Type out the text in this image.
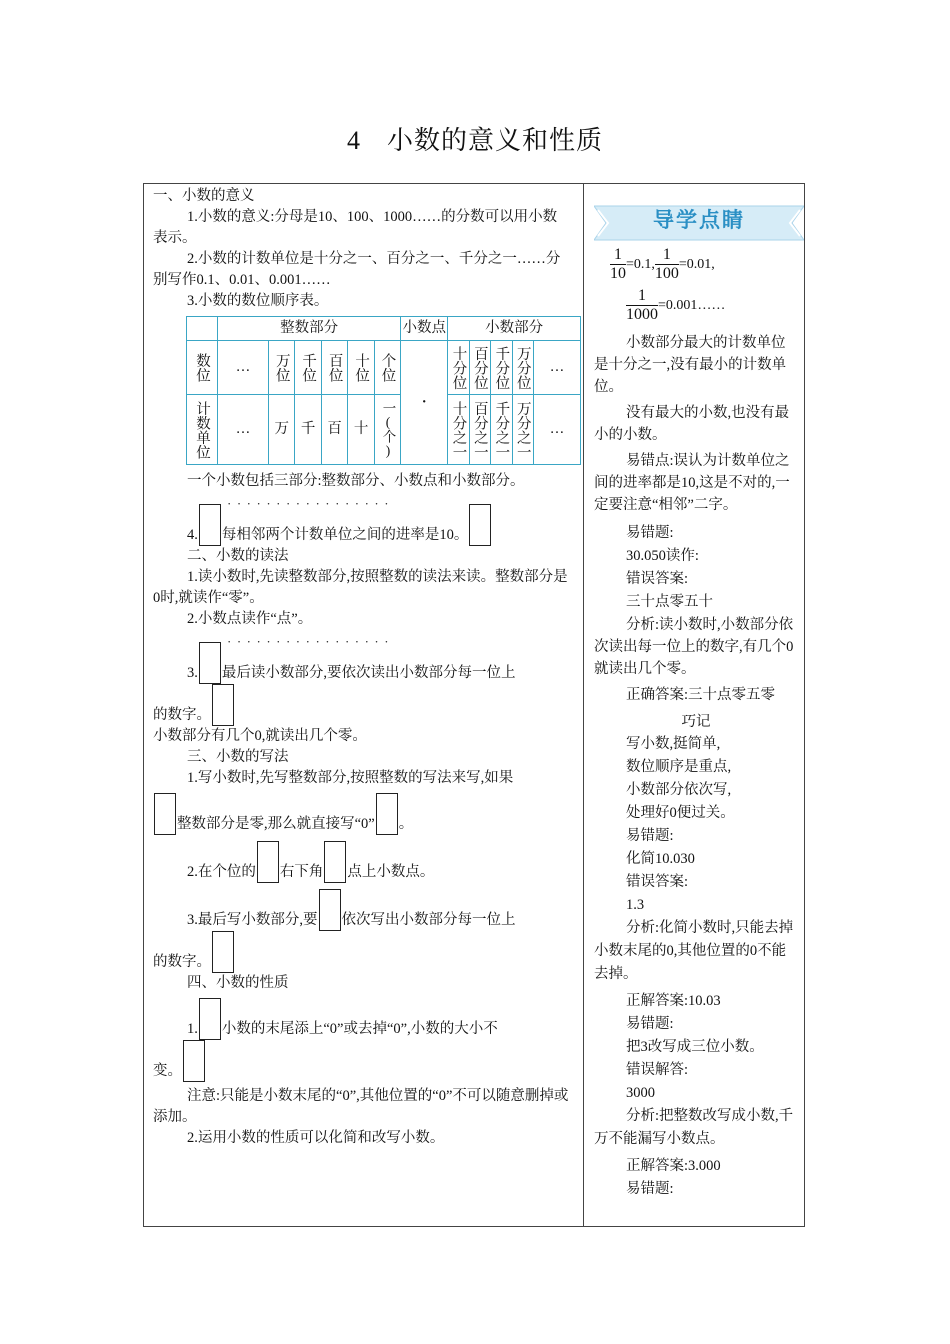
4 小数的意义和性质

一、小数的意义

1.小数的意义:分母是10、100、1000……的分数可以用小数表示。

2.小数的计数单位是十分之一、百分之一、千分之一……分别写作0.1、0.01、0.001……

3.小数的数位顺序表。

	整数部分						小数点	小数部分				

数位	…	万位	千位	百位	十位	个位	·	十分位	百分位	千分位	万分位	…

计数单位	…	万	千	百	十	一(个)		十分之一	百分之一	千分之一	万分之一	…

一个小数包括三部分:整数部分、小数点和小数部分。

·················

4. 每相邻两个计数单位之间的进率是10。

二、小数的读法

1.读小数时,先读整数部分,按照整数的读法来读。整数部分是0时,就读作“零”。

2.小数点读作“点”。

·················

3. 最后读小数部分,要依次读出小数部分每一位上

的数字。

小数部分有几个0,就读出几个零。

三、小数的写法

1.写小数时,先写整数部分,按照整数的写法来写,如果

整数部分是零,那么就直接写“0” 。

2.在个位的 右下角 点上小数点。

3.最后写小数部分,要 依次写出小数部分每一位上

的数字。

四、小数的性质

1. 小数的末尾添上“0”或去掉“0”,小数的大小不

变。

注意:只能是小数末尾的“0”,其他位置的“0”不可以随意删掉或添加。

2.运用小数的性质可以化简和改写小数。

导学点睛

$\frac{1}{10} =0.1$, $\frac{1}{100} =0.01$,

$\frac{1}{1000}$ =0.001……

小数部分最大的计数单位是十分之一,没有最小的计数单位。

没有最大的小数,也没有最小的小数。

易错点:误认为计数单位之间的进率都是10,这是不对的,一定要注意“相邻”二字。

易错题:

30.050读作:

错误答案:

三十点零五十

分析:读小数时,小数部分依次读出每一位上的数字,有几个0就读出几个零。

正确答案:三十点零五零

巧记

写小数,挺简单,

数位顺序是重点,

小数部分依次写,

处理好0便过关。

易错题:

化简10.030

错误答案:

1.3

分析:化简小数时,只能去掉小数末尾的0,其他位置的0不能去掉。

正解答案:10.03

易错题:

把3改写成三位小数。

错误解答:

3000

分析:把整数改写成小数,千万不能漏写小数点。

正解答案:3.000

易错题:
